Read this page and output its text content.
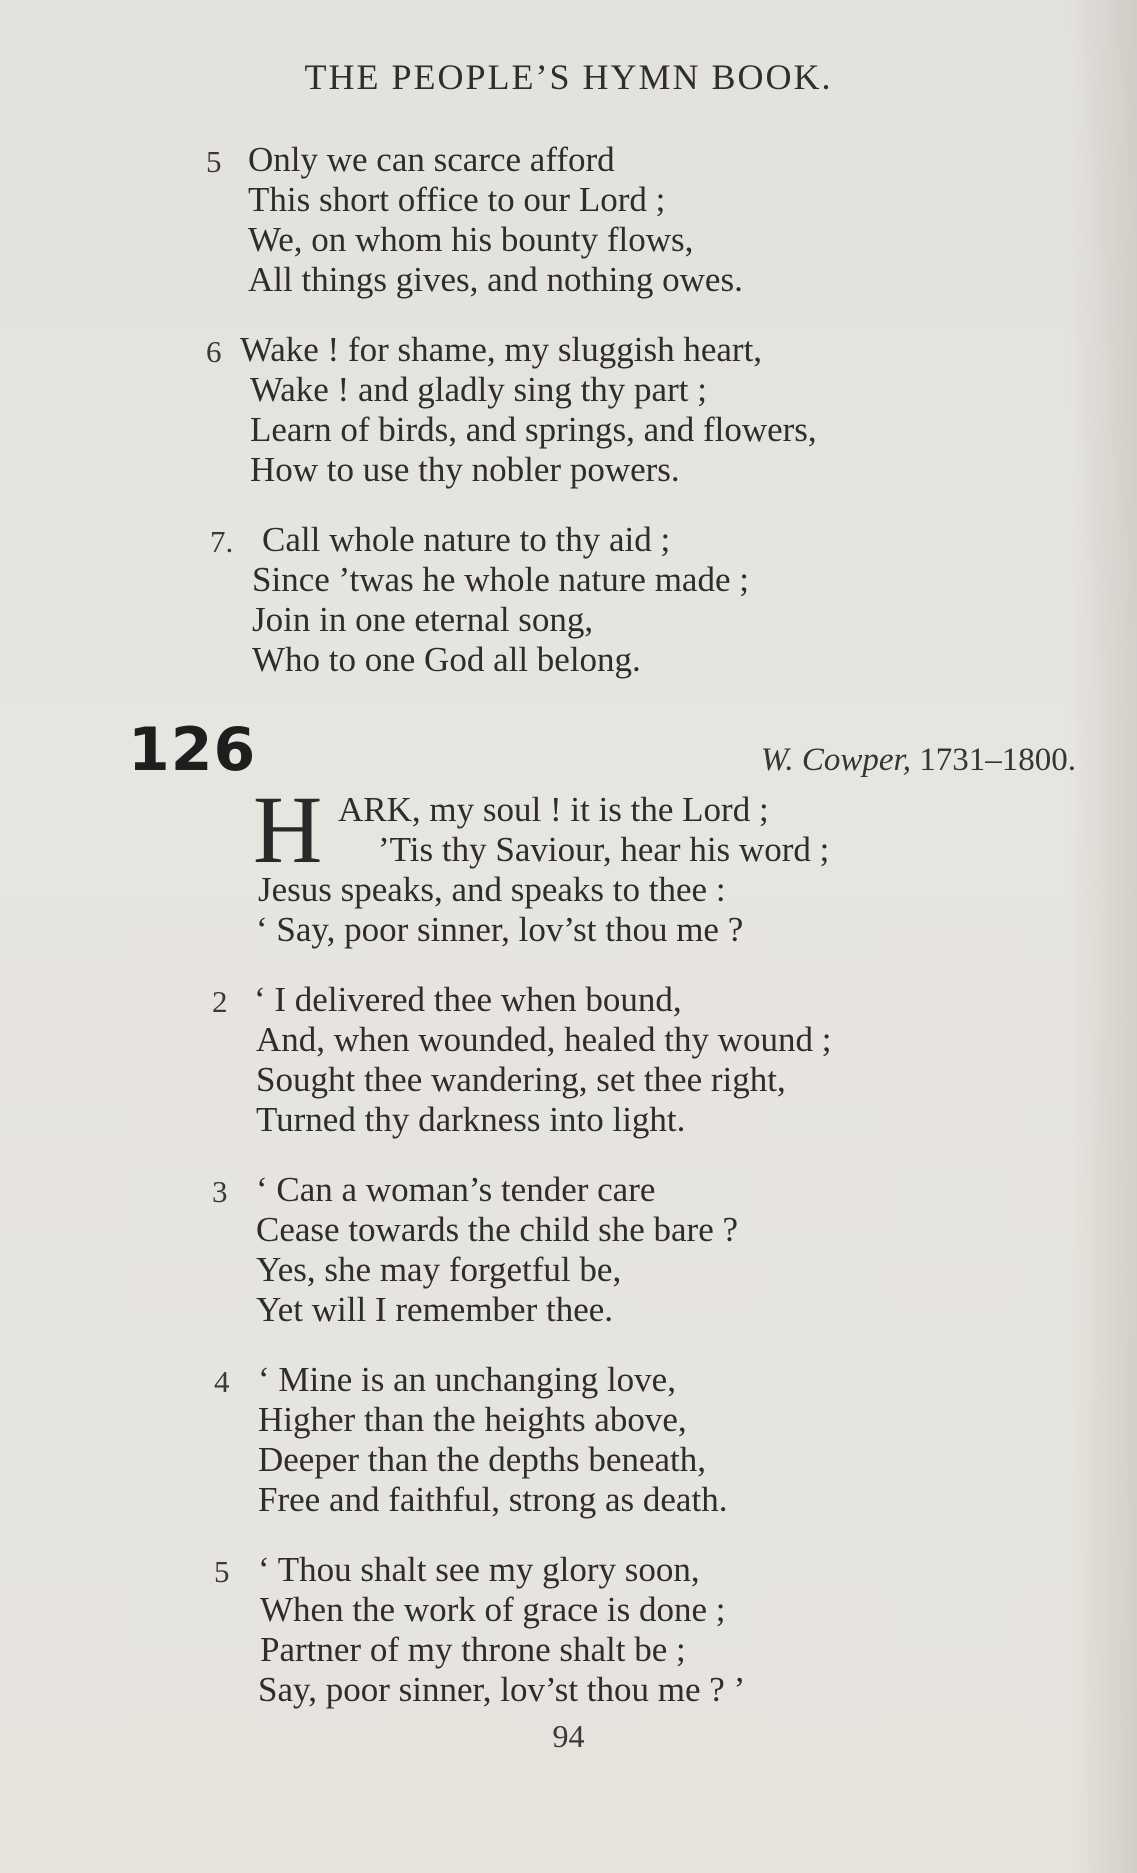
THE PEOPLE’S HYMN BOOK.
5 Only we can scarce afford
This short office to our Lord ;
We, on whom his bounty flows,
All things gives, and nothing owes.
6 Wake ! for shame, my sluggish heart,
Wake ! and gladly sing thy part ;
Learn of birds, and springs, and flowers,
How to use thy nobler powers.
7. Call whole nature to thy aid ;
Since ’twas he whole nature made ;
Join in one eternal song,
Who to one God all belong.
126	W. Cowper, 1731–1800.
H ARK, my soul ! it is the Lord ;
’Tis thy Saviour, hear his word ;
Jesus speaks, and speaks to thee :
‘ Say, poor sinner, lov’st thou me ?
2 ‘ I delivered thee when bound,
And, when wounded, healed thy wound ;
Sought thee wandering, set thee right,
Turned thy darkness into light.
3 ‘ Can a woman’s tender care
Cease towards the child she bare ?
Yes, she may forgetful be,
Yet will I remember thee.
4 ‘ Mine is an unchanging love,
Higher than the heights above,
Deeper than the depths beneath,
Free and faithful, strong as death.
5 ‘ Thou shalt see my glory soon,
When the work of grace is done ;
Partner of my throne shalt be ;
Say, poor sinner, lov’st thou me ? ’
94
